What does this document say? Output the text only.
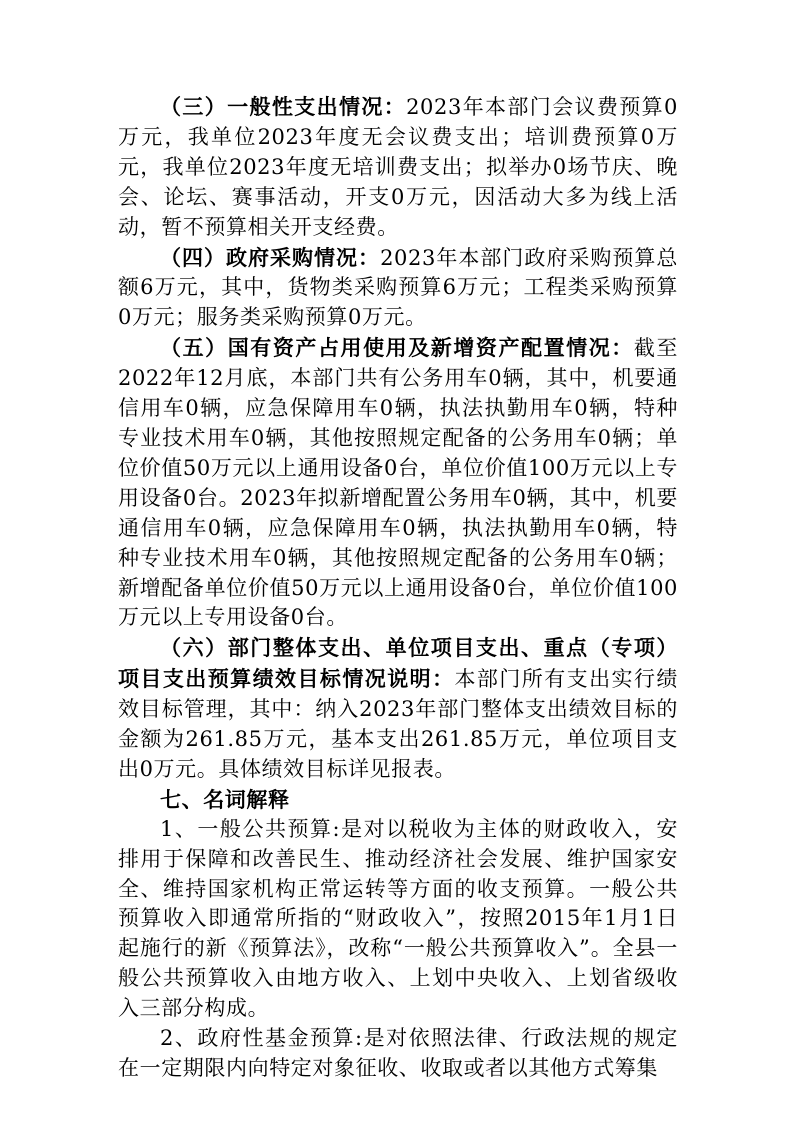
（三）一般性支出情况：2023年本部门会议费预算0万元，我单位2023年度无会议费支出；培训费预算0万元，我单位2023年度无培训费支出；拟举办0场节庆、晚会、论坛、赛事活动，开支0万元，因活动大多为线上活动，暂不预算相关开支经费。

（四）政府采购情况：2023年本部门政府采购预算总额6万元，其中，货物类采购预算6万元；工程类采购预算0万元；服务类采购预算0万元。

（五）国有资产占用使用及新增资产配置情况：截至2022年12月底，本部门共有公务用车0辆，其中，机要通信用车0辆，应急保障用车0辆，执法执勤用车0辆，特种专业技术用车0辆，其他按照规定配备的公务用车0辆；单位价值50万元以上通用设备0台，单位价值100万元以上专用设备0台。2023年拟新增配置公务用车0辆，其中，机要通信用车0辆，应急保障用车0辆，执法执勤用车0辆，特种专业技术用车0辆，其他按照规定配备的公务用车0辆；新增配备单位价值50万元以上通用设备0台，单位价值100万元以上专用设备0台。

（六）部门整体支出、单位项目支出、重点（专项）项目支出预算绩效目标情况说明：本部门所有支出实行绩效目标管理，其中：纳入2023年部门整体支出绩效目标的金额为261.85万元，基本支出261.85万元，单位项目支出0万元。具体绩效目标详见报表。

七、名词解释

1、一般公共预算:是对以税收为主体的财政收入，安排用于保障和改善民生、推动经济社会发展、维护国家安全、维持国家机构正常运转等方面的收支预算。一般公共预算收入即通常所指的“财政收入”，按照2015年1月1日起施行的新《预算法》，改称“一般公共预算收入”。全县一般公共预算收入由地方收入、上划中央收入、上划省级收入三部分构成。

2、政府性基金预算:是对依照法律、行政法规的规定在一定期限内向特定对象征收、收取或者以其他方式筹集
